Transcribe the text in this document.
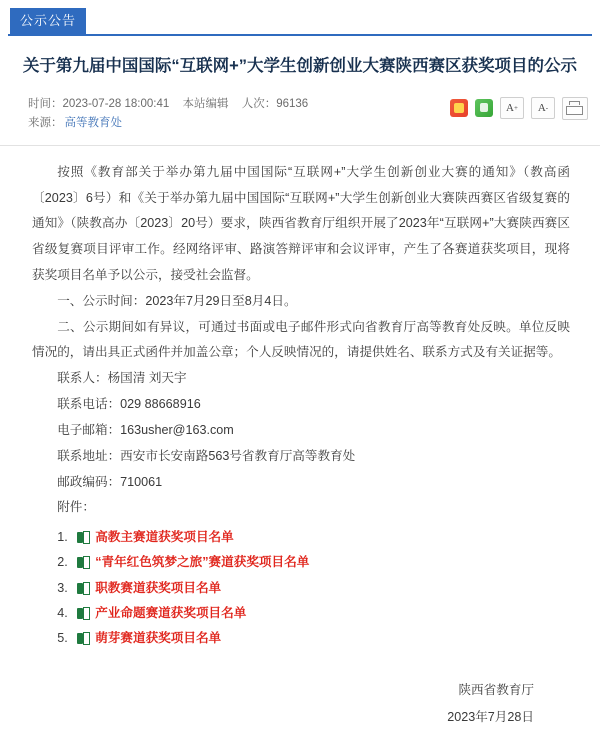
公示公告
关于第九届中国国际“互联网+”大学生创新创业大赛陕西赛区获奖项目的公示
时间：2023-07-28 18:00:41 本站编辑 人次：96136
来源： 高等教育处
A + A -

按照《教育部关于举办第九届中国国际“互联网+”大学生创新创业大赛的通知》（教高函〔2023〕6号）和《关于举办第九届中国国际“互联网+”大学生创新创业大赛陕西赛区省级复赛的通知》（陕教高办〔2023〕20号）要求，陕西省教育厅组织开展了2023年“互联网+”大赛陕西赛区省级复赛项目评审工作。经网络评审、路演答辩评审和会议评审，产生了各赛道获奖项目，现将获奖项目名单予以公示，接受社会监督。

一、公示时间：2023年7月29日至8月4日。

二、公示期间如有异议，可通过书面或电子邮件形式向省教育厅高等教育处反映。单位反映情况的，请出具正式函件并加盖公章；个人反映情况的，请提供姓名、联系方式及有关证据等。

联系人：杨国清 刘天宇

联系电话：029 88668916

电子邮箱：163usher@163.com

联系地址：西安市长安南路563号省教育厅高等教育处

邮政编码：710061

附件：

1.	高教主赛道获奖项目名单
2.	“青年红色筑梦之旅”赛道获奖项目名单
3.	职教赛道获奖项目名单
4.	产业命题赛道获奖项目名单
5.	萌芽赛道获奖项目名单
陕西省教育厅
2023年7月28日
